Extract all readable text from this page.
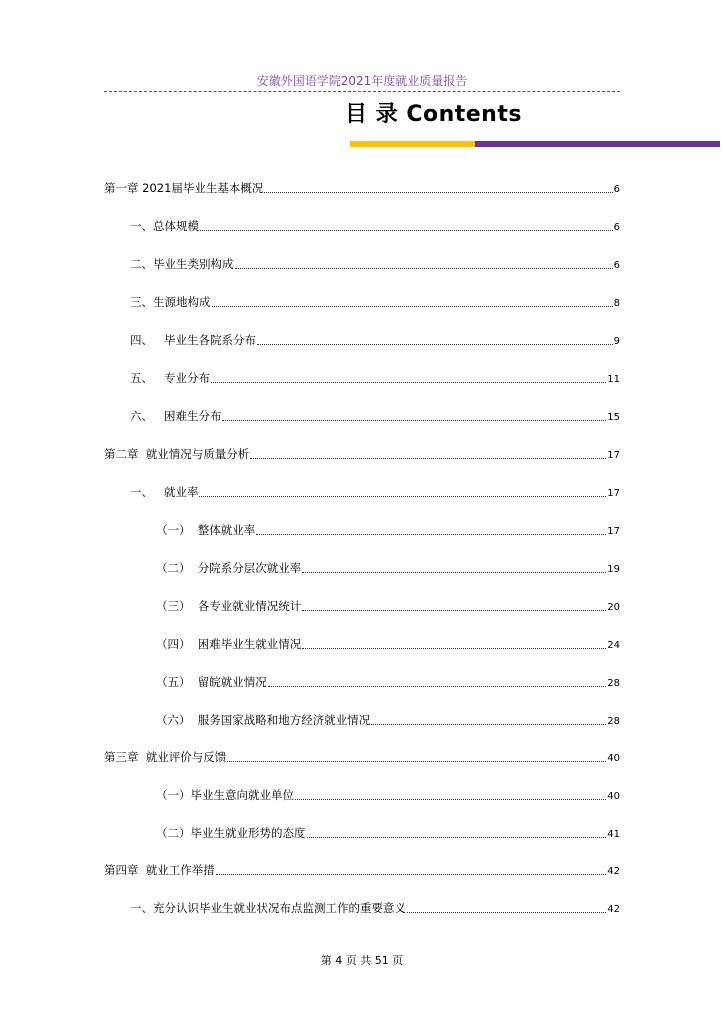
安徽外国语学院2021年度就业质量报告
目 录 Contents
第一章 2021届毕业生基本概况	6
一、总体规模	6
二、毕业生类别构成	6
三、生源地构成	8
四、   毕业生各院系分布	9
五、   专业分布	11
六、   困难生分布	15
第二章  就业情况与质量分析	17
一、   就业率	17
（一）  整体就业率	17
（二）  分院系分层次就业率	19
（三）  各专业就业情况统计	20
（四）  困难毕业生就业情况	24
（五）  留皖就业情况	28
（六）  服务国家战略和地方经济就业情况	28
第三章  就业评价与反馈	40
（一）毕业生意向就业单位	40
（二）毕业生就业形势的态度	41
第四章  就业工作举措	42
一、充分认识毕业生就业状况布点监测工作的重要意义	42
第 4 页 共 51 页
